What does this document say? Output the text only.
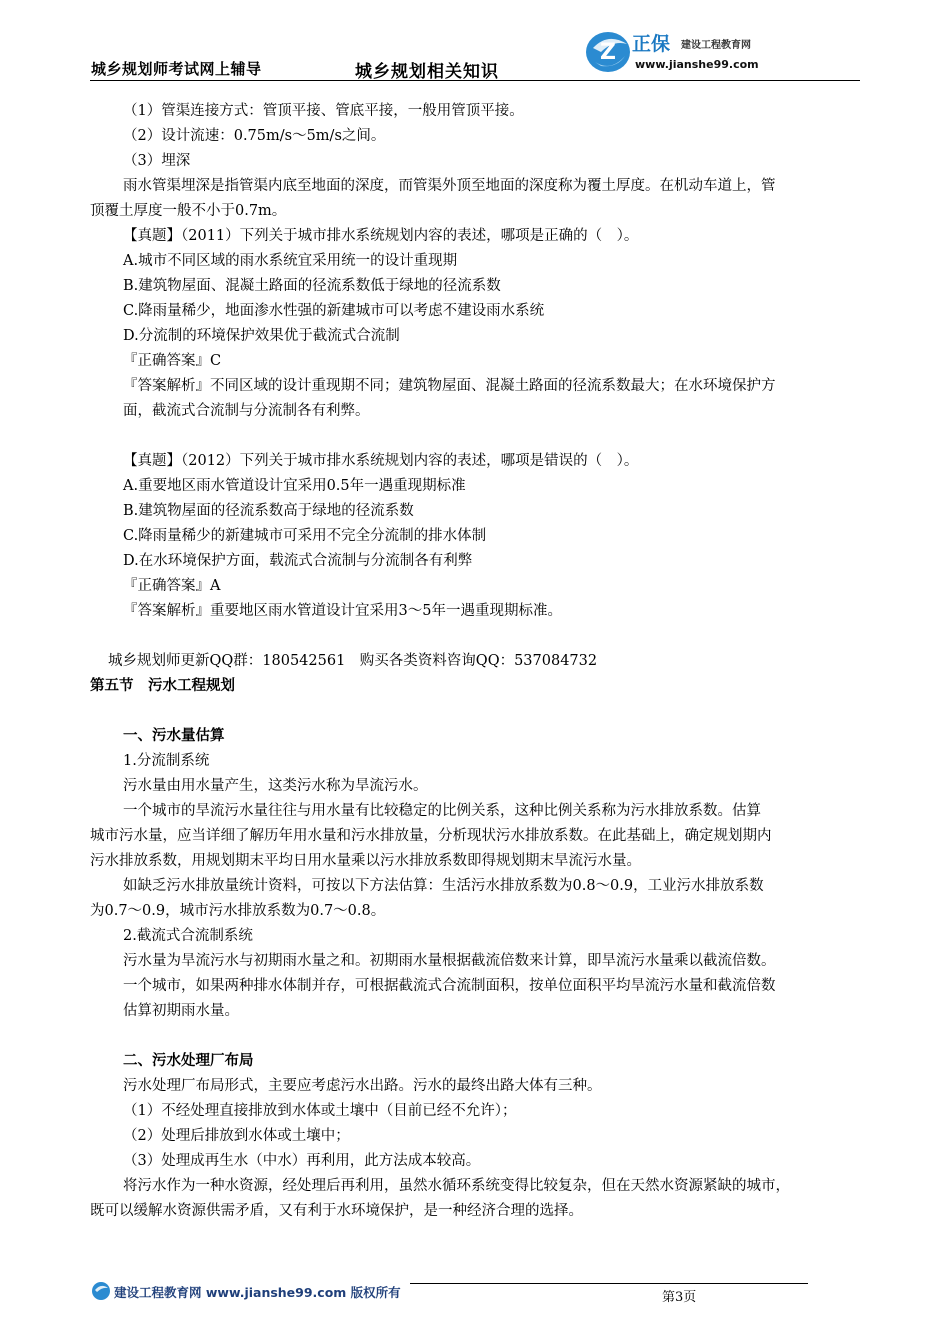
城乡规划师考试网上辅导	城乡规划相关知识
Z 正保 建设工程教育网
www.jianshe99.com
（1）管渠连接方式：管顶平接、管底平接，一般用管顶平接。
（2）设计流速：0.75m/s～5m/s之间。
（3）埋深
雨水管渠埋深是指管渠内底至地面的深度，而管渠外顶至地面的深度称为覆土厚度。在机动车道上，管
顶覆土厚度一般不小于0.7m。
【真题】（2011）下列关于城市排水系统规划内容的表述，哪项是正确的（　）。
A.城市不同区域的雨水系统宜采用统一的设计重现期
B.建筑物屋面、混凝土路面的径流系数低于绿地的径流系数
C.降雨量稀少，地面渗水性强的新建城市可以考虑不建设雨水系统
D.分流制的环境保护效果优于截流式合流制
『正确答案』C
『答案解析』不同区域的设计重现期不同；建筑物屋面、混凝土路面的径流系数最大；在水环境保护方
面，截流式合流制与分流制各有利弊。
【真题】（2012）下列关于城市排水系统规划内容的表述，哪项是错误的（　）。
A.重要地区雨水管道设计宜采用0.5年一遇重现期标准
B.建筑物屋面的径流系数高于绿地的径流系数
C.降雨量稀少的新建城市可采用不完全分流制的排水体制
D.在水环境保护方面，载流式合流制与分流制各有利弊
『正确答案』A
『答案解析』重要地区雨水管道设计宜采用3～5年一遇重现期标准。
城乡规划师更新QQ群：180542561　购买各类资料咨询QQ：537084732
第五节　污水工程规划
一、污水量估算
1.分流制系统
污水量由用水量产生，这类污水称为旱流污水。
一个城市的旱流污水量往往与用水量有比较稳定的比例关系，这种比例关系称为污水排放系数。估算
城市污水量，应当详细了解历年用水量和污水排放量，分析现状污水排放系数。在此基础上，确定规划期内
污水排放系数，用规划期末平均日用水量乘以污水排放系数即得规划期末旱流污水量。
如缺乏污水排放量统计资料，可按以下方法估算：生活污水排放系数为0.8～0.9，工业污水排放系数
为0.7～0.9，城市污水排放系数为0.7～0.8。
2.截流式合流制系统
污水量为旱流污水与初期雨水量之和。初期雨水量根据截流倍数来计算，即旱流污水量乘以截流倍数。
一个城市，如果两种排水体制并存，可根据截流式合流制面积，按单位面积平均旱流污水量和截流倍数
估算初期雨水量。
二、污水处理厂布局
污水处理厂布局形式，主要应考虑污水出路。污水的最终出路大体有三种。
（1）不经处理直接排放到水体或土壤中（目前已经不允许）；
（2）处理后排放到水体或土壤中；
（3）处理成再生水（中水）再利用，此方法成本较高。
将污水作为一种水资源，经处理后再利用，虽然水循环系统变得比较复杂，但在天然水资源紧缺的城市，
既可以缓解水资源供需矛盾，又有利于水环境保护，是一种经济合理的选择。
建设工程教育网 www.jianshe99.com 版权所有	第3页
